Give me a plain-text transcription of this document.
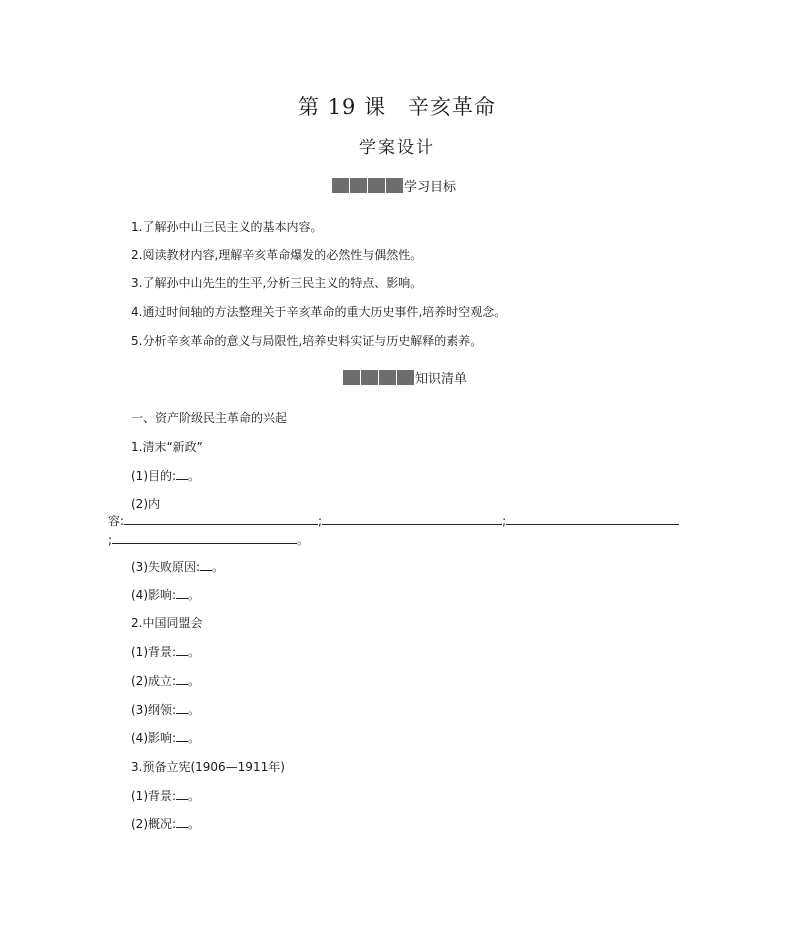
第 19 课　辛亥革命
学案设计
学习目标
1.了解孙中山三民主义的基本内容。
2.阅读教材内容,理解辛亥革命爆发的必然性与偶然性。
3.了解孙中山先生的生平,分析三民主义的特点、影响。
4.通过时间轴的方法整理关于辛亥革命的重大历史事件,培养时空观念。
5.分析辛亥革命的意义与局限性,培养史料实证与历史解释的素养。
知识清单
一、资产阶级民主革命的兴起
1.清末“新政”
(1)目的: 。
(2)内
容:	;	;
;	。
(3)失败原因: 。
(4)影响: 。
2.中国同盟会
(1)背景: 。
(2)成立: 。
(3)纲领: 。
(4)影响: 。
3.预备立宪(1906—1911年)
(1)背景: 。
(2)概况: 。
